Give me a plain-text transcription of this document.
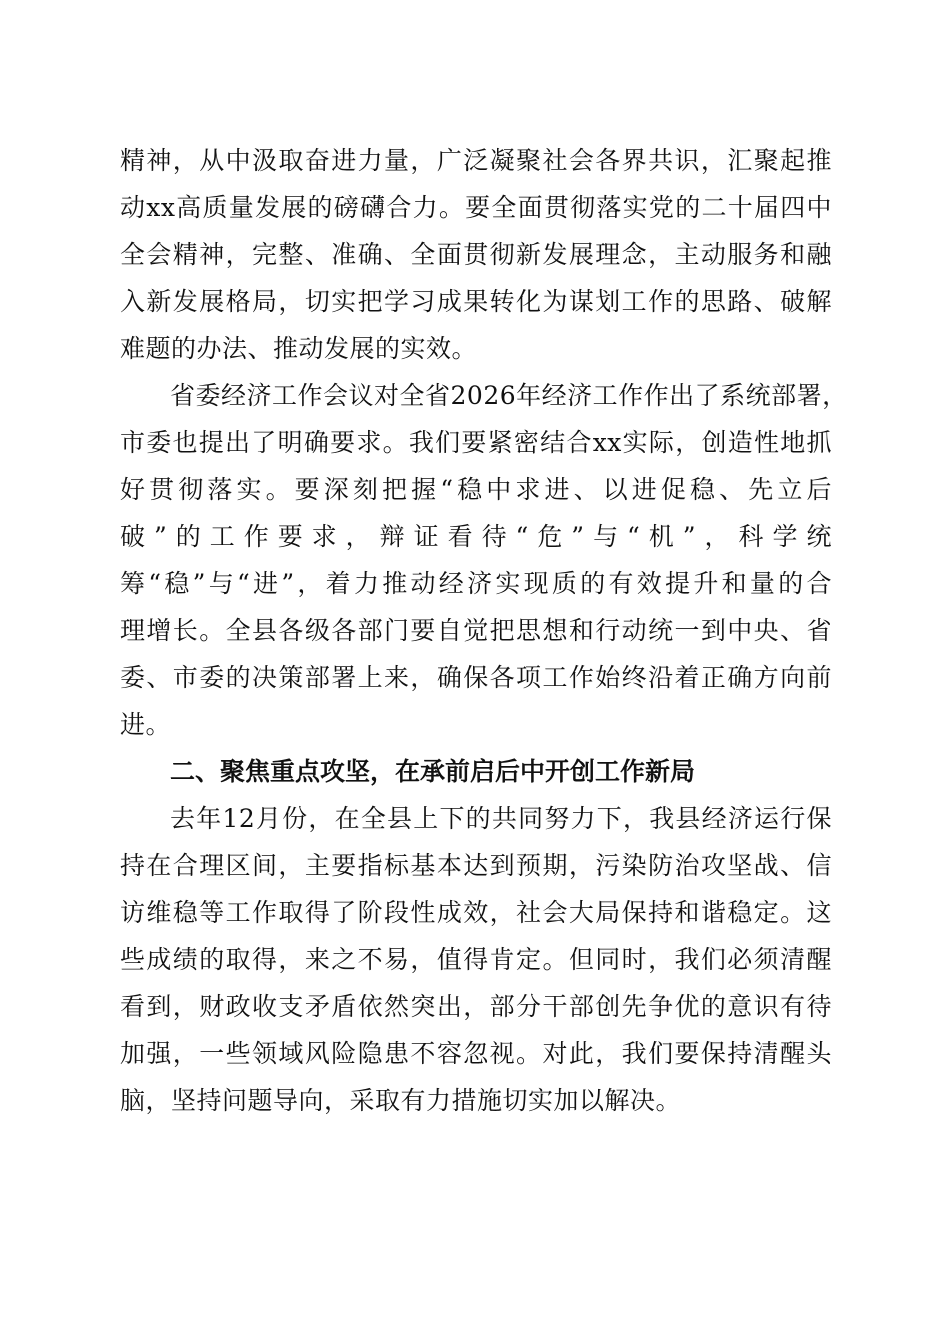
精神，从中汲取奋进力量，广泛凝聚社会各界共识，汇聚起推
动xx高质量发展的磅礴合力。要全面贯彻落实党的二十届四中
全会精神，完整、准确、全面贯彻新发展理念，主动服务和融
入新发展格局，切实把学习成果转化为谋划工作的思路、破解
难题的办法、推动发展的实效。
省委经济工作会议对全省2026年经济工作作出了系统部署，
市委也提出了明确要求。我们要紧密结合xx实际，创造性地抓
好贯彻落实。要深刻把握“稳中求进、以进促稳、先立后
破”的工作要求，辩证看待“危”与“机”，科学统
筹“稳”与“进”，着力推动经济实现质的有效提升和量的合
理增长。全县各级各部门要自觉把思想和行动统一到中央、省
委、市委的决策部署上来，确保各项工作始终沿着正确方向前
进。
二、聚焦重点攻坚，在承前启后中开创工作新局
去年12月份，在全县上下的共同努力下，我县经济运行保
持在合理区间，主要指标基本达到预期，污染防治攻坚战、信
访维稳等工作取得了阶段性成效，社会大局保持和谐稳定。这
些成绩的取得，来之不易，值得肯定。但同时，我们必须清醒
看到，财政收支矛盾依然突出，部分干部创先争优的意识有待
加强，一些领域风险隐患不容忽视。对此，我们要保持清醒头
脑，坚持问题导向，采取有力措施切实加以解决。
